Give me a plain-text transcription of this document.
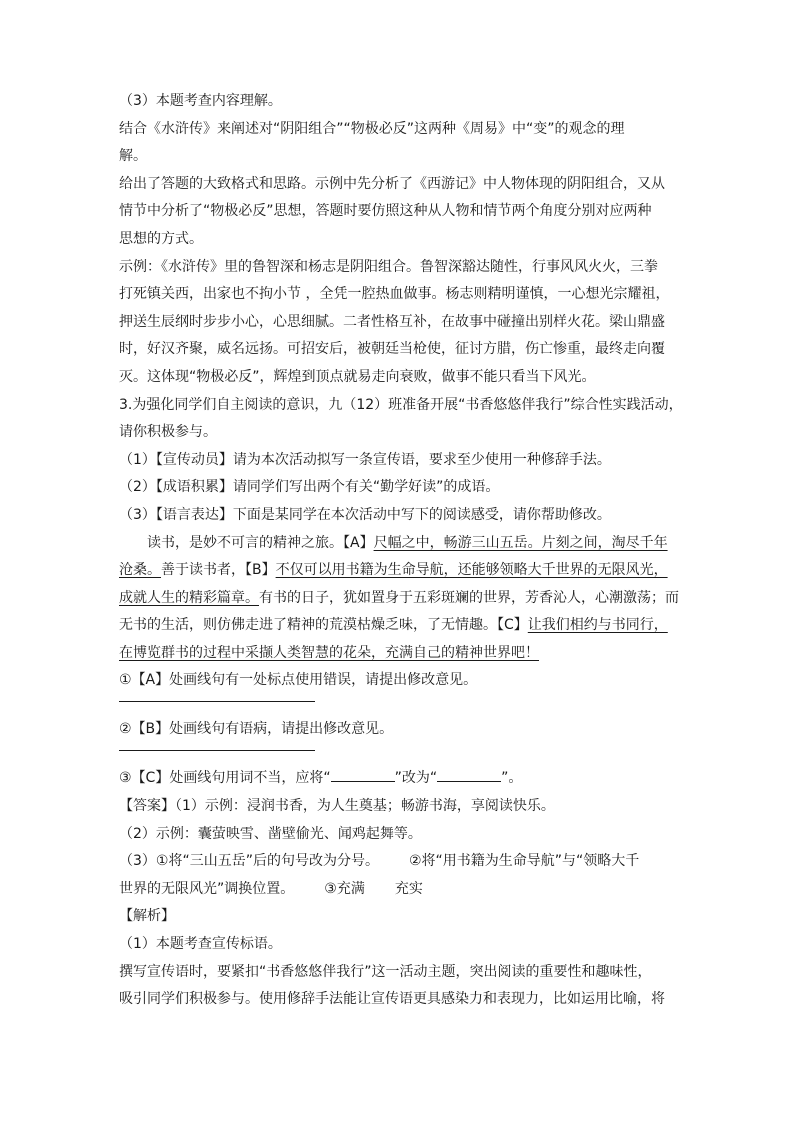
（3）本题考查内容理解。

结合《水浒传》来阐述对“阴阳组合”“物极必反”这两种《周易》中“变”的观念的理

解。

给出了答题的大致格式和思路。示例中先分析了《西游记》中人物体现的阴阳组合，又从

情节中分析了“物极必反”思想，答题时要仿照这种从人物和情节两个角度分别对应两种

思想的方式。

示例：《水浒传》里的鲁智深和杨志是阴阳组合。鲁智深豁达随性，行事风风火火，三拳

打死镇关西，出家也不拘小节 ，全凭一腔热血做事。杨志则精明谨慎，一心想光宗耀祖，

押送生辰纲时步步小心，心思细腻。二者性格互补，在故事中碰撞出别样火花。梁山鼎盛

时，好汉齐聚，威名远扬。可招安后，被朝廷当枪使，征讨方腊，伤亡惨重，最终走向覆

灭。这体现“物极必反”，辉煌到顶点就易走向衰败，做事不能只看当下风光。

3.为强化同学们自主阅读的意识，九（12）班准备开展“书香悠悠伴我行”综合性实践活动，

请你积极参与。

（1）【宣传动员】请为本次活动拟写一条宣传语，要求至少使用一种修辞手法。

（2）【成语积累】请同学们写出两个有关“勤学好读”的成语。

（3）【语言表达】下面是某同学在本次活动中写下的阅读感受，请你帮助修改。

读书，是妙不可言的精神之旅。【A】尺幅之中，畅游三山五岳。片刻之间，淘尽千年

沧桑。善于读书者，【B】不仅可以用书籍为生命导航，还能够领略大千世界的无限风光，

成就人生的精彩篇章。有书的日子，犹如置身于五彩斑斓的世界，芳香沁人，心潮激荡；而

无书的生活，则仿佛走进了精神的荒漠枯燥乏味，了无情趣。【C】让我们相约与书同行，

在博览群书的过程中采撷人类智慧的花朵，充满自己的精神世界吧！

①【A】处画线句有一处标点使用错误，请提出修改意见。

②【B】处画线句有语病，请提出修改意见。

③【C】处画线句用词不当，应将“	”改为“	”。

【答案】（1）示例：浸润书香，为人生奠基；畅游书海，享阅读快乐。

（2）示例：囊萤映雪、凿壁偷光、闻鸡起舞等。

（3）①将“三山五岳”后的句号改为分号。 ②将“用书籍为生命导航”与“领略大千

世界的无限风光”调换位置。 ③充满 充实

【解析】

（1）本题考查宣传标语。

撰写宣传语时，要紧扣“书香悠悠伴我行”这一活动主题，突出阅读的重要性和趣味性，

吸引同学们积极参与。使用修辞手法能让宣传语更具感染力和表现力，比如运用比喻，将
